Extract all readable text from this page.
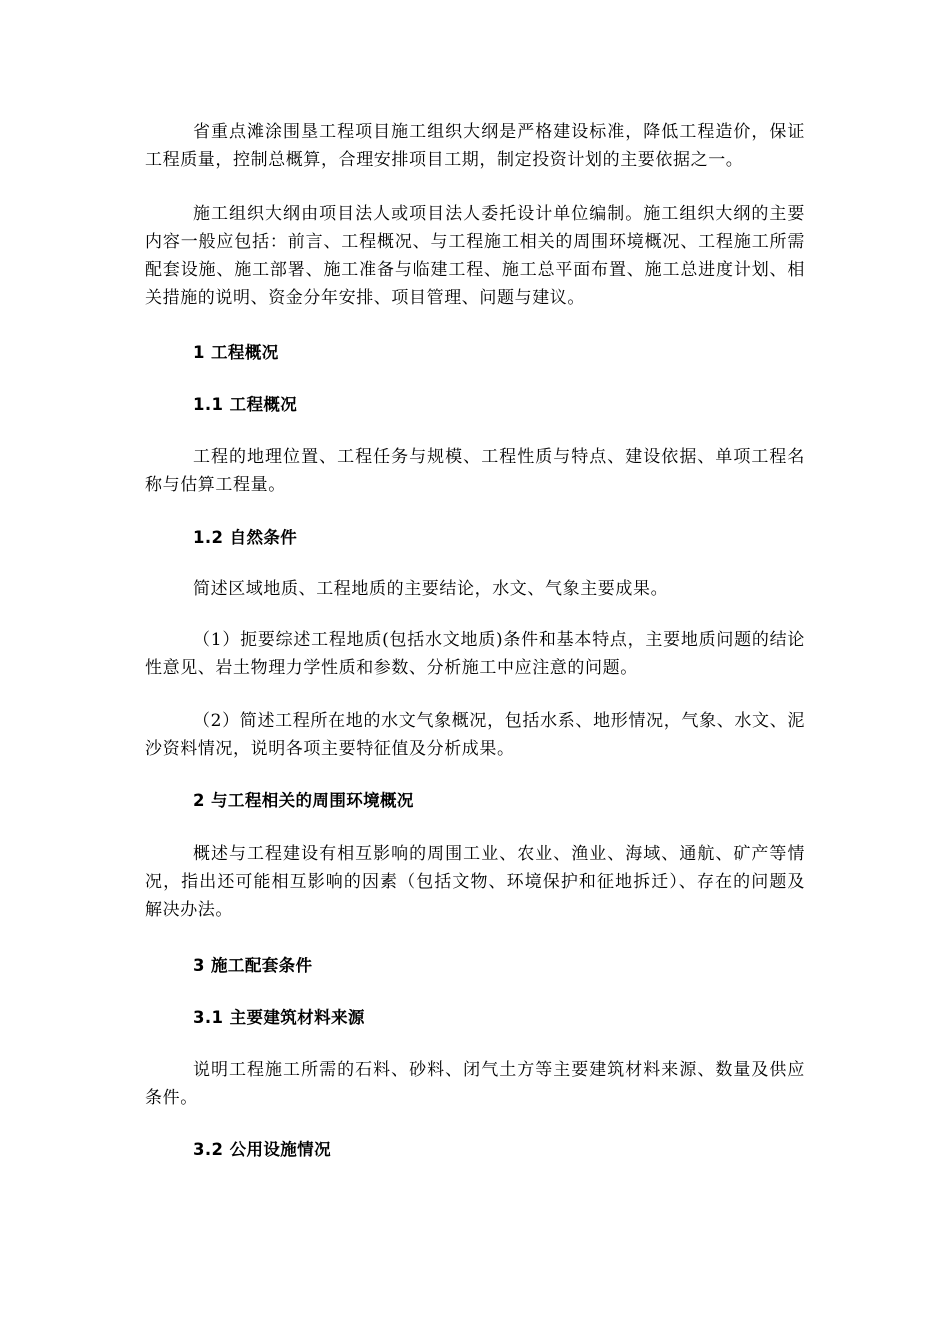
省重点滩涂围垦工程项目施工组织大纲是严格建设标准，降低工程造价，保证工程质量，控制总概算，合理安排项目工期，制定投资计划的主要依据之一。

施工组织大纲由项目法人或项目法人委托设计单位编制。施工组织大纲的主要内容一般应包括：前言、工程概况、与工程施工相关的周围环境概况、工程施工所需配套设施、施工部署、施工准备与临建工程、施工总平面布置、施工总进度计划、相关措施的说明、资金分年安排、项目管理、问题与建议。

1 工程概况
1.1 工程概况

工程的地理位置、工程任务与规模、工程性质与特点、建设依据、单项工程名称与估算工程量。

1.2 自然条件

简述区域地质、工程地质的主要结论，水文、气象主要成果。

（1）扼要综述工程地质(包括水文地质)条件和基本特点，主要地质问题的结论性意见、岩土物理力学性质和参数、分析施工中应注意的问题。

（2）简述工程所在地的水文气象概况，包括水系、地形情况，气象、水文、泥沙资料情况，说明各项主要特征值及分析成果。

2 与工程相关的周围环境概况

概述与工程建设有相互影响的周围工业、农业、渔业、海域、通航、矿产等情况，指出还可能相互影响的因素（包括文物、环境保护和征地拆迁）、存在的问题及解决办法。

3 施工配套条件
3.1 主要建筑材料来源

说明工程施工所需的石料、砂料、闭气土方等主要建筑材料来源、数量及供应条件。

3.2 公用设施情况
